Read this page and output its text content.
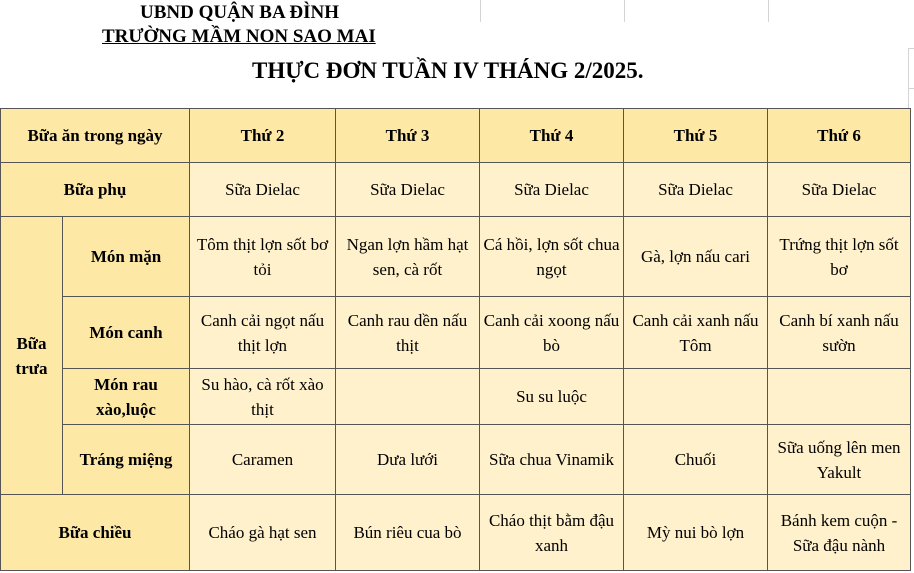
UBND QUẬN BA ĐÌNH
TRƯỜNG MẦM NON SAO MAI
THỰC ĐƠN TUẦN IV THÁNG 2/2025.
Bữa ăn trong ngày		Thứ 2	Thứ 3	Thứ 4	Thứ 5	Thứ 6
Bữa phụ		Sữa Dielac	Sữa Dielac	Sữa Dielac	Sữa Dielac	Sữa Dielac

Bữa trưa	Món mặn	Tôm thịt lợn sốt bơ tỏi	Ngan lợn hầm hạt sen, cà rốt	Cá hồi, lợn sốt chua ngọt	Gà, lợn nấu cari	Trứng thịt lợn sốt bơ
	Món canh	Canh cải ngọt nấu thịt lợn	Canh rau dền nấu thịt	Canh cải xoong nấu bò	Canh cải xanh nấu Tôm	Canh bí xanh nấu sườn

	Món rau xào,luộc	Su hào, cà rốt xào thịt		Su su luộc		
	Tráng miệng	Caramen	Dưa lưới	Sữa chua Vinamik	Chuối	Sữa uống lên men Yakult
Bữa chiều		Cháo gà hạt sen	Bún riêu cua bò	Cháo thịt bằm đậu xanh	Mỳ nui bò lợn	Bánh kem cuộn - Sữa đậu nành
